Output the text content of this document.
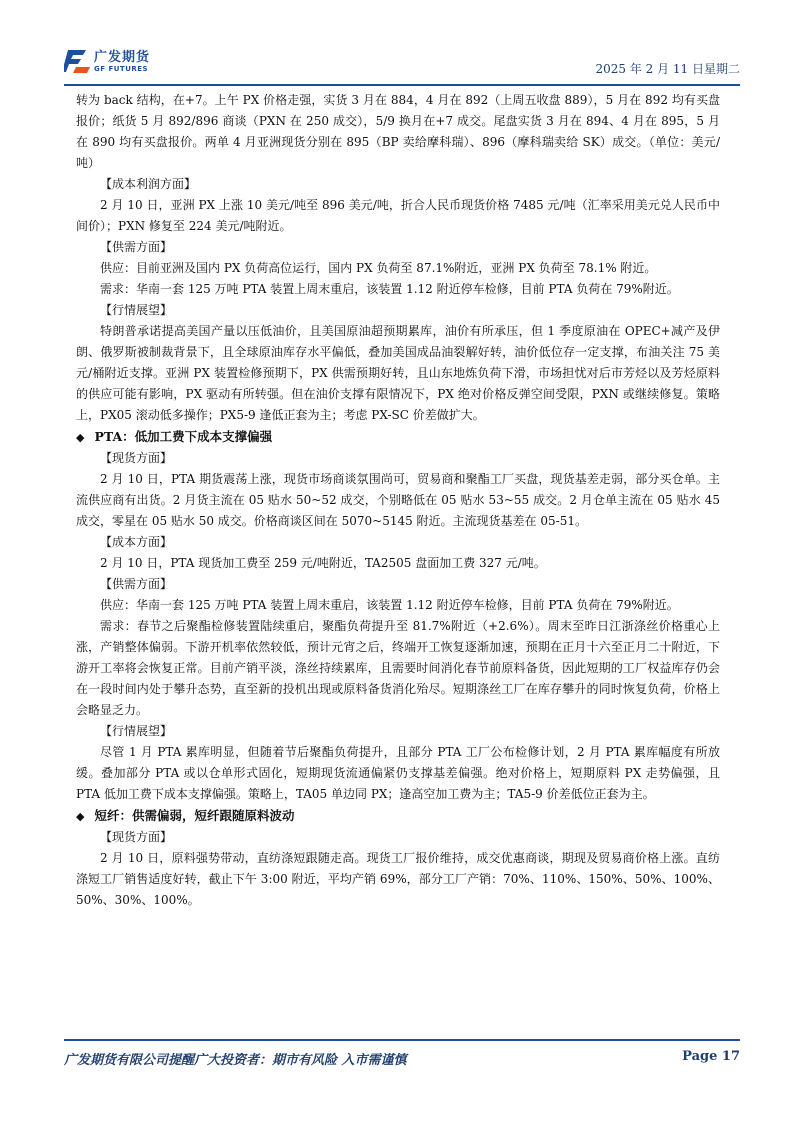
广发期货
GF FUTURES	2025 年 2 月 11 日星期二

转为 back 结构，在+7。上午 PX 价格走强，实货 3 月在 884，4 月在 892（上周五收盘 889），5 月在 892 均有买盘报价；纸货 5 月 892/896 商谈（PXN 在 250 成交），5/9 换月在+7 成交。尾盘实货 3 月在 894、4 月在 895，5 月在 890 均有买盘报价。两单 4 月亚洲现货分别在 895（BP 卖给摩科瑞）、896（摩科瑞卖给 SK）成交。（单位：美元/吨）

【成本利润方面】

2 月 10 日，亚洲 PX 上涨 10 美元/吨至 896 美元/吨，折合人民币现货价格 7485 元/吨（汇率采用美元兑人民币中间价）；PXN 修复至 224 美元/吨附近。

【供需方面】

供应：目前亚洲及国内 PX 负荷高位运行，国内 PX 负荷至 87.1%附近，亚洲 PX 负荷至 78.1% 附近。

需求：华南一套 125 万吨 PTA 装置上周末重启，该装置 1.12 附近停车检修，目前 PTA 负荷在 79%附近。

【行情展望】

特朗普承诺提高美国产量以压低油价，且美国原油超预期累库，油价有所承压，但 1 季度原油在 OPEC+减产及伊朗、俄罗斯被制裁背景下，且全球原油库存水平偏低，叠加美国成品油裂解好转，油价低位存一定支撑，布油关注 75 美元/桶附近支撑。亚洲 PX 装置检修预期下，PX 供需预期好转，且山东地炼负荷下滑，市场担忧对后市芳烃以及芳烃原料的供应可能有影响，PX 驱动有所转强。但在油价支撑有限情况下，PX 绝对价格反弹空间受限，PXN 或继续修复。策略上，PX05 滚动低多操作；PX5-9 逢低正套为主；考虑 PX-SC 价差做扩大。

◆ PTA：低加工费下成本支撑偏强

【现货方面】

2 月 10 日，PTA 期货震荡上涨，现货市场商谈氛围尚可，贸易商和聚酯工厂买盘，现货基差走弱，部分买仓单。主流供应商有出货。2 月货主流在 05 贴水 50~52 成交，个别略低在 05 贴水 53~55 成交。2 月仓单主流在 05 贴水 45 成交，零星在 05 贴水 50 成交。价格商谈区间在 5070~5145 附近。主流现货基差在 05-51。

【成本方面】

2 月 10 日，PTA 现货加工费至 259 元/吨附近，TA2505 盘面加工费 327 元/吨。

【供需方面】

供应：华南一套 125 万吨 PTA 装置上周末重启，该装置 1.12 附近停车检修，目前 PTA 负荷在 79%附近。

需求：春节之后聚酯检修装置陆续重启，聚酯负荷提升至 81.7%附近（+2.6%）。周末至昨日江浙涤丝价格重心上涨，产销整体偏弱。下游开机率依然较低，预计元宵之后，终端开工恢复逐渐加速，预期在正月十六至正月二十附近，下游开工率将会恢复正常。目前产销平淡，涤丝持续累库，且需要时间消化春节前原料备货，因此短期的工厂权益库存仍会在一段时间内处于攀升态势，直至新的投机出现或原料备货消化殆尽。短期涤丝工厂在库存攀升的同时恢复负荷，价格上会略显乏力。

【行情展望】

尽管 1 月 PTA 累库明显，但随着节后聚酯负荷提升，且部分 PTA 工厂公布检修计划，2 月 PTA 累库幅度有所放缓。叠加部分 PTA 或以仓单形式固化，短期现货流通偏紧仍支撑基差偏强。绝对价格上，短期原料 PX 走势偏强，且 PTA 低加工费下成本支撑偏强。策略上，TA05 单边同 PX；逢高空加工费为主；TA5-9 价差低位正套为主。

◆ 短纤：供需偏弱，短纤跟随原料波动

【现货方面】

2 月 10 日，原料强势带动，直纺涤短跟随走高。现货工厂报价维持，成交优惠商谈，期现及贸易商价格上涨。直纺涤短工厂销售适度好转，截止下午 3:00 附近，平均产销 69%，部分工厂产销：70%、110%、150%、50%、100%、50%、30%、100%。

广发期货有限公司提醒广大投资者：期市有风险 入市需谨慎	Page 17
